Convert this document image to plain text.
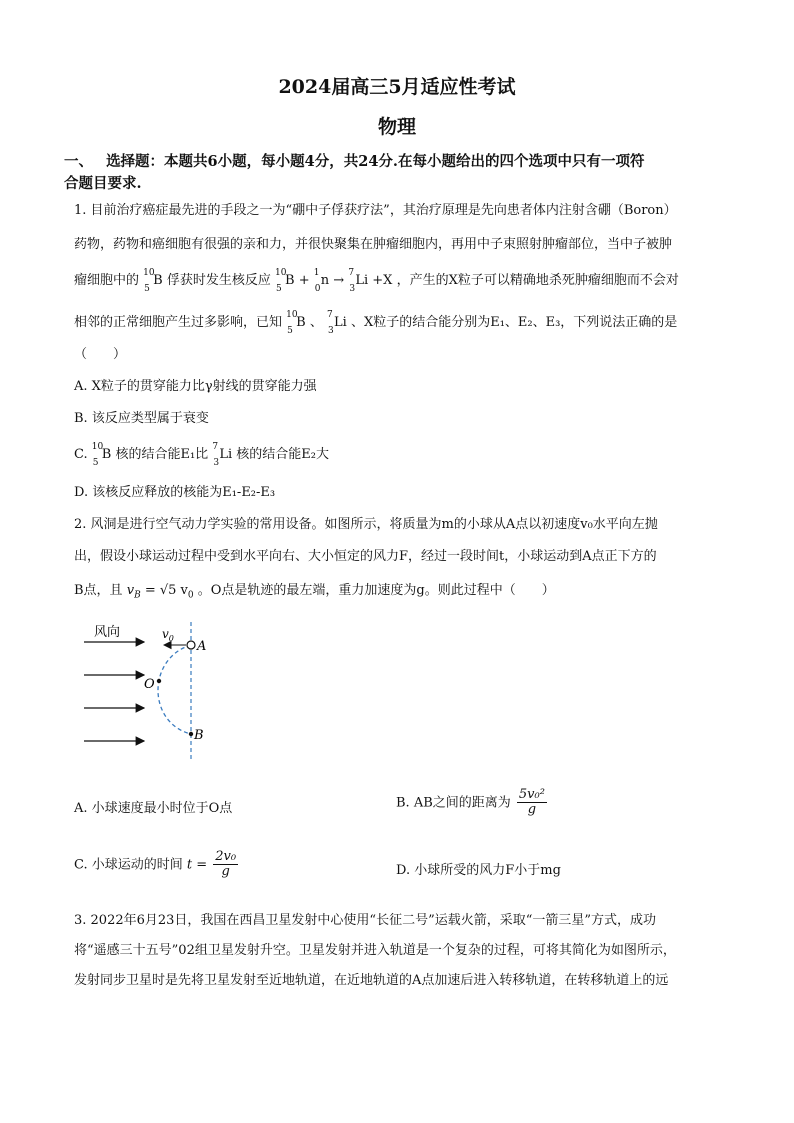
2024届高三5月适应性考试
物理
一、 选择题：本题共6小题，每小题4分，共24分.在每小题给出的四个选项中只有一项符
合题目要求.
1. 目前治疗癌症最先进的手段之一为“硼中子俘获疗法”，其治疗原理是先向患者体内注射含硼（Boron）
药物，药物和癌细胞有很强的亲和力，并很快聚集在肿瘤细胞内，再用中子束照射肿瘤部位，当中子被肿
瘤细胞中的 10
5
B 俘获时发生核反应 10
5
B + 1
0
n → 7
3
Li +X ，产生的X粒子可以精确地杀死肿瘤细胞而不会对
相邻的正常细胞产生过多影响，已知 10
5
B 、 7
3
Li 、X粒子的结合能分别为E₁、E₂、E₃，下列说法正确的是
（　　）
A. X粒子的贯穿能力比γ射线的贯穿能力强
B. 该反应类型属于衰变
C. 10
5
B 核的结合能E₁比 7
3
Li 核的结合能E₂大
D. 该核反应释放的核能为E₁-E₂-E₃
2. 风洞是进行空气动力学实验的常用设备。如图所示，将质量为m的小球从A点以初速度v₀水平向左抛
出，假设小球运动过程中受到水平向右、大小恒定的风力F，经过一段时间t，小球运动到A点正下方的
B点，且 $v_B = √5$ $v_0$ 。O点是轨迹的最左端，重力加速度为g。则此过程中（　　）
风向	$v_0$
A
O
B
A. 小球速度最小时位于O点	B. AB之间的距离为 $\frac{\text{5v₀²}}{g}$
C. 小球运动的时间 $t = \frac{\text{2v₀}}{g}$	D. 小球所受的风力F小于mg
3. 2022年6月23日，我国在西昌卫星发射中心使用“长征二号”运载火箭，采取“一箭三星”方式，成功
将“遥感三十五号”02组卫星发射升空。卫星发射并进入轨道是一个复杂的过程，可将其简化为如图所示，
发射同步卫星时是先将卫星发射至近地轨道，在近地轨道的A点加速后进入转移轨道，在转移轨道上的远
